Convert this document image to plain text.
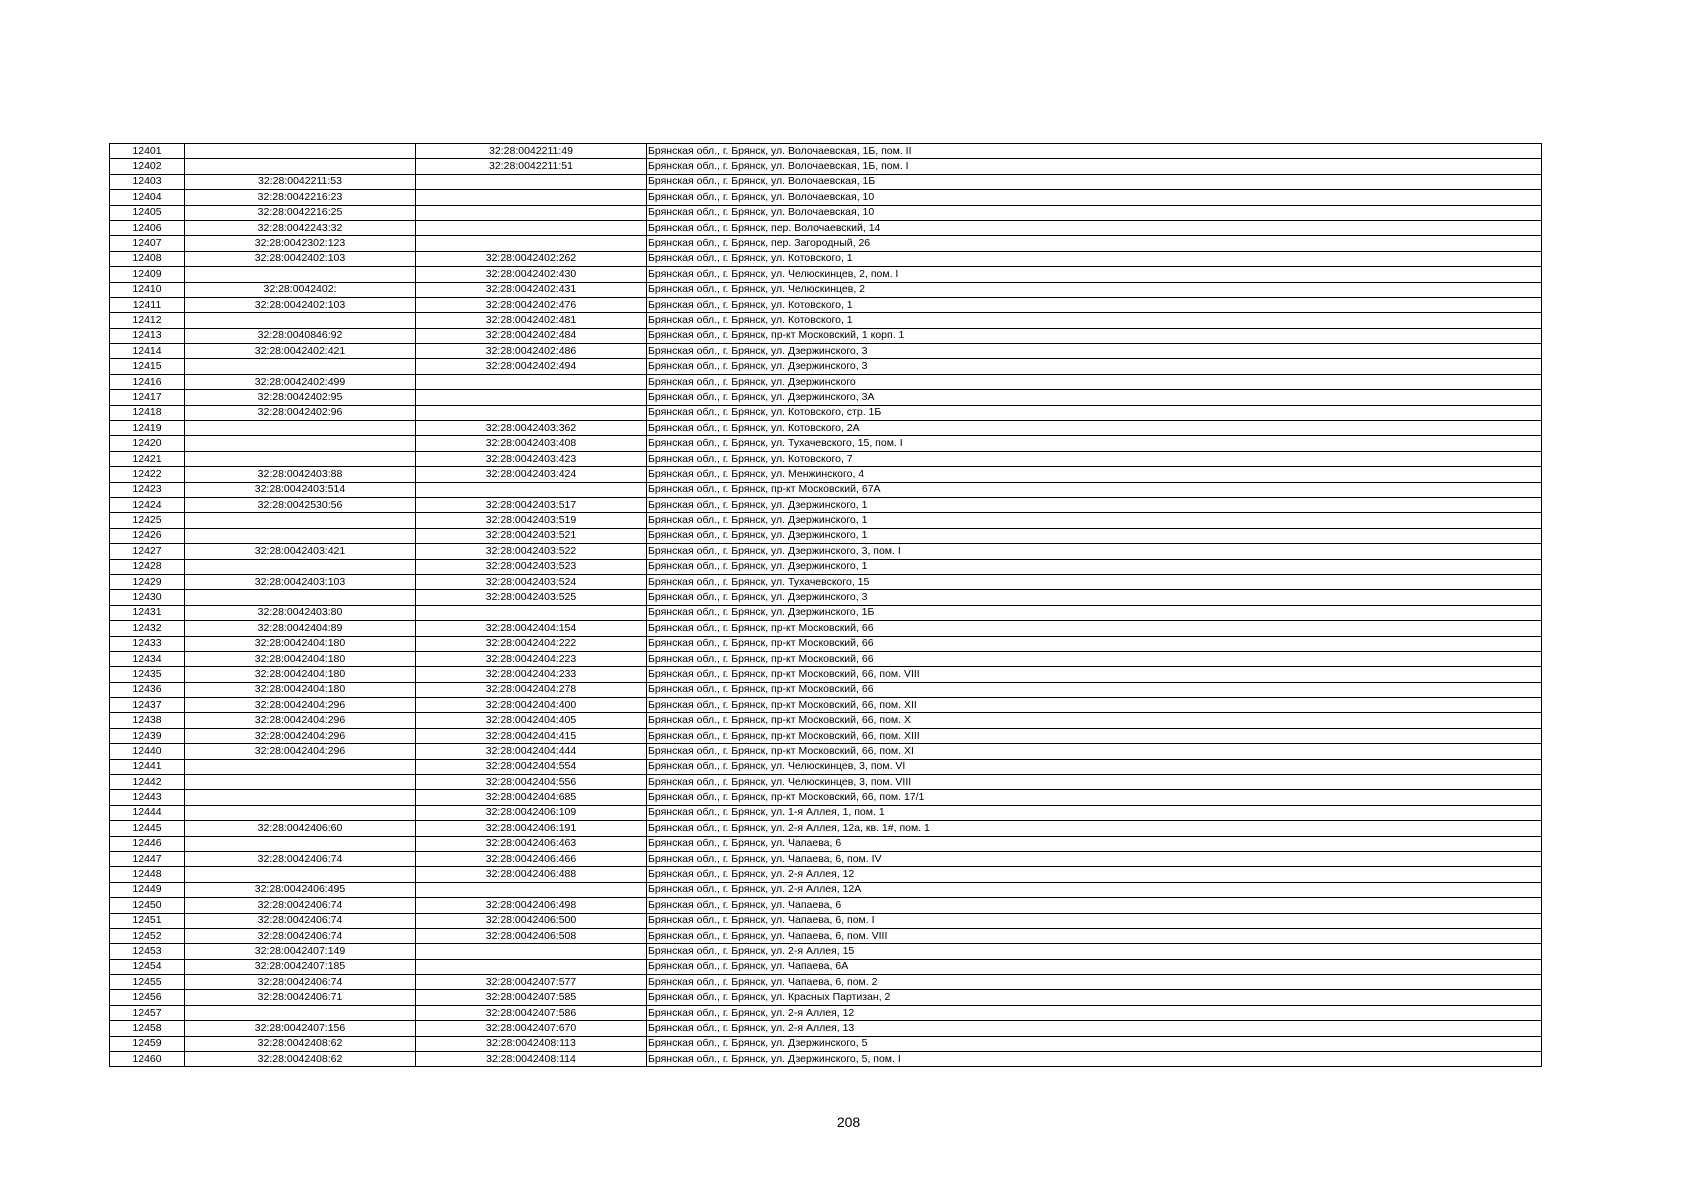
12401		32:28:0042211:49	Брянская обл., г. Брянск, ул. Волочаевская, 1Б, пом. II
12402		32:28:0042211:51	Брянская обл., г. Брянск, ул. Волочаевская, 1Б, пом. I
12403	32:28:0042211:53		Брянская обл., г. Брянск, ул. Волочаевская, 1Б
12404	32:28:0042216:23		Брянская обл., г. Брянск, ул. Волочаевская, 10
12405	32:28:0042216:25		Брянская обл., г. Брянск, ул. Волочаевская, 10
12406	32:28:0042243:32		Брянская обл., г. Брянск, пер. Волочаевский, 14
12407	32:28:0042302:123		Брянская обл., г. Брянск, пер. Загородный, 26
12408	32:28:0042402:103	32:28:0042402:262	Брянская обл., г. Брянск, ул. Котовского, 1
12409		32:28:0042402:430	Брянская обл., г. Брянск, ул. Челюскинцев, 2, пом. I
12410	32:28:0042402:	32:28:0042402:431	Брянская обл., г. Брянск, ул. Челюскинцев, 2
12411	32:28:0042402:103	32:28:0042402:476	Брянская обл., г. Брянск, ул. Котовского, 1
12412		32:28:0042402:481	Брянская обл., г. Брянск, ул. Котовского, 1
12413	32:28:0040846:92	32:28:0042402:484	Брянская обл., г. Брянск, пр-кт Московский, 1 корп. 1
12414	32:28:0042402:421	32:28:0042402:486	Брянская обл., г. Брянск, ул. Дзержинского, 3
12415		32:28:0042402:494	Брянская обл., г. Брянск, ул. Дзержинского, 3
12416	32:28:0042402:499		Брянская обл., г. Брянск, ул. Дзержинского
12417	32:28:0042402:95		Брянская обл., г. Брянск, ул. Дзержинского, 3А
12418	32:28:0042402:96		Брянская обл., г. Брянск, ул. Котовского, стр. 1Б
12419		32:28:0042403:362	Брянская обл., г. Брянск, ул. Котовского, 2А
12420		32:28:0042403:408	Брянская обл., г. Брянск, ул. Тухачевского, 15, пом. I
12421		32:28:0042403:423	Брянская обл., г. Брянск, ул. Котовского, 7
12422	32:28:0042403:88	32:28:0042403:424	Брянская обл., г. Брянск, ул. Менжинского, 4
12423	32:28:0042403:514		Брянская обл., г. Брянск, пр-кт Московский, 67А
12424	32:28:0042530:56	32:28:0042403:517	Брянская обл., г. Брянск, ул. Дзержинского, 1
12425		32:28:0042403:519	Брянская обл., г. Брянск, ул. Дзержинского, 1
12426		32:28:0042403:521	Брянская обл., г. Брянск, ул. Дзержинского, 1
12427	32:28:0042403:421	32:28:0042403:522	Брянская обл., г. Брянск, ул. Дзержинского, 3, пом. I
12428		32:28:0042403:523	Брянская обл., г. Брянск, ул. Дзержинского, 1
12429	32:28:0042403:103	32:28:0042403:524	Брянская обл., г. Брянск, ул. Тухачевского, 15
12430		32:28:0042403:525	Брянская обл., г. Брянск, ул. Дзержинского, 3
12431	32:28:0042403:80		Брянская обл., г. Брянск, ул. Дзержинского, 1Б
12432	32:28:0042404:89	32:28:0042404:154	Брянская обл., г. Брянск, пр-кт Московский, 66
12433	32:28:0042404:180	32:28:0042404:222	Брянская обл., г. Брянск, пр-кт Московский, 66
12434	32:28:0042404:180	32:28:0042404:223	Брянская обл., г. Брянск, пр-кт Московский, 66
12435	32:28:0042404:180	32:28:0042404:233	Брянская обл., г. Брянск, пр-кт Московский, 66, пом. VIII
12436	32:28:0042404:180	32:28:0042404:278	Брянская обл., г. Брянск, пр-кт Московский, 66
12437	32:28:0042404:296	32:28:0042404:400	Брянская обл., г. Брянск, пр-кт Московский, 66, пом. XII
12438	32:28:0042404:296	32:28:0042404:405	Брянская обл., г. Брянск, пр-кт Московский, 66, пом. X
12439	32:28:0042404:296	32:28:0042404:415	Брянская обл., г. Брянск, пр-кт Московский, 66, пом. XIII
12440	32:28:0042404:296	32:28:0042404:444	Брянская обл., г. Брянск, пр-кт Московский, 66, пом. XI
12441		32:28:0042404:554	Брянская обл., г. Брянск, ул. Челюскинцев, 3, пом. VI
12442		32:28:0042404:556	Брянская обл., г. Брянск, ул. Челюскинцев, 3, пом. VIII
12443		32:28:0042404:685	Брянская обл., г. Брянск, пр-кт Московский, 66, пом. 17/1
12444		32:28:0042406:109	Брянская обл., г. Брянск, ул. 1-я Аллея, 1, пом. 1
12445	32:28:0042406:60	32:28:0042406:191	Брянская обл., г. Брянск, ул. 2-я Аллея, 12а, кв. 1#, пом. 1
12446		32:28:0042406:463	Брянская обл., г. Брянск, ул. Чапаева, 6
12447	32:28:0042406:74	32:28:0042406:466	Брянская обл., г. Брянск, ул. Чапаева, 6, пом. IV
12448		32:28:0042406:488	Брянская обл., г. Брянск, ул. 2-я Аллея, 12
12449	32:28:0042406:495		Брянская обл., г. Брянск, ул. 2-я Аллея, 12А
12450	32:28:0042406:74	32:28:0042406:498	Брянская обл., г. Брянск, ул. Чапаева, 6
12451	32:28:0042406:74	32:28:0042406:500	Брянская обл., г. Брянск, ул. Чапаева, 6, пом. I
12452	32:28:0042406:74	32:28:0042406:508	Брянская обл., г. Брянск, ул. Чапаева, 6, пом. VIII
12453	32:28:0042407:149		Брянская обл., г. Брянск, ул. 2-я Аллея, 15
12454	32:28:0042407:185		Брянская обл., г. Брянск, ул. Чапаева, 6А
12455	32:28:0042406:74	32:28:0042407:577	Брянская обл., г. Брянск, ул. Чапаева, 6, пом. 2
12456	32:28:0042406:71	32:28:0042407:585	Брянская обл., г. Брянск, ул. Красных Партизан, 2
12457		32:28:0042407:586	Брянская обл., г. Брянск, ул. 2-я Аллея, 12
12458	32:28:0042407:156	32:28:0042407:670	Брянская обл., г. Брянск, ул. 2-я Аллея, 13
12459	32:28:0042408:62	32:28:0042408:113	Брянская обл., г. Брянск, ул. Дзержинского, 5
12460	32:28:0042408:62	32:28:0042408:114	Брянская обл., г. Брянск, ул. Дзержинского, 5, пом. I
208
